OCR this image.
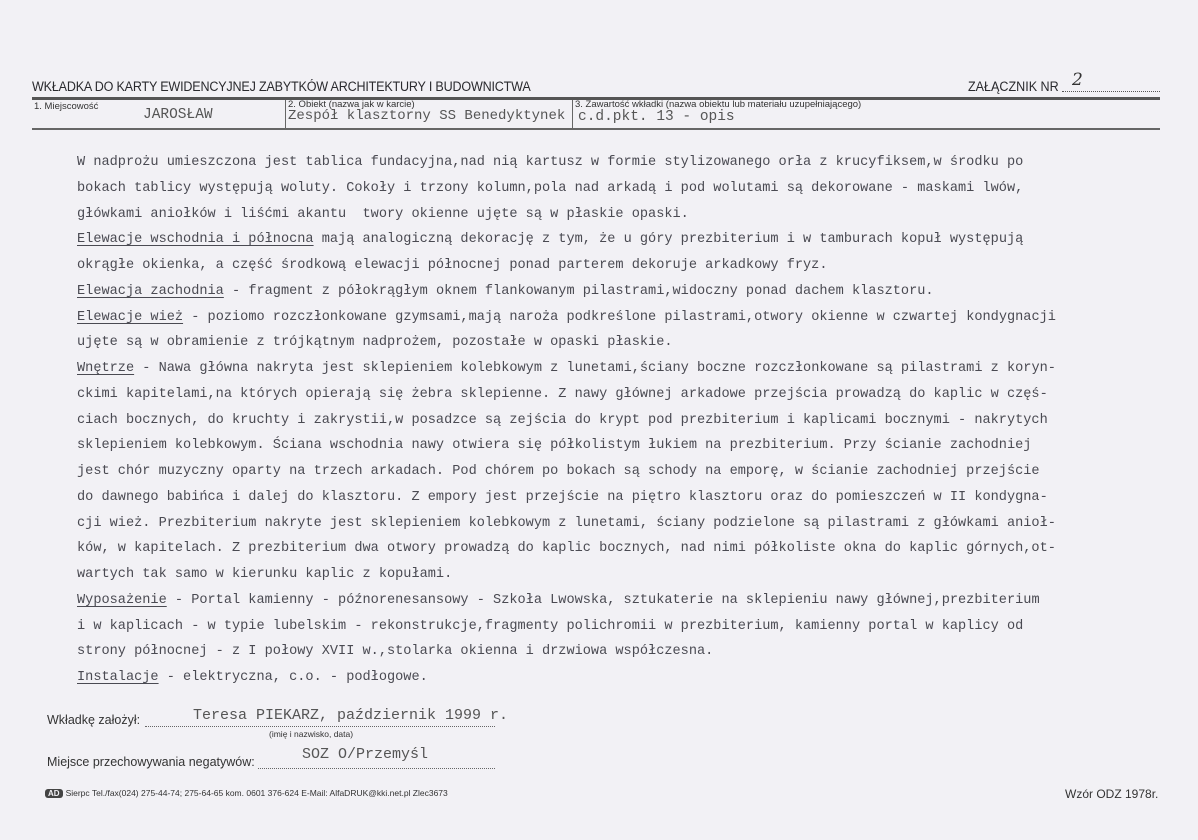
WKŁADKA DO KARTY EWIDENCYJNEJ ZABYTKÓW ARCHITEKTURY I BUDOWNICTWA	ZAŁĄCZNIK NR 2
1. Miejscowość
JAROSŁAW
2. Obiekt (nazwa jak w karcie)
Zespół klasztorny SS Benedyktynek
3. Zawartość wkładki (nazwa obiektu lub materiału uzupełniającego)
c.d.pkt. 13 - opis
W nadprożu umieszczona jest tablica fundacyjna,nad nią kartusz w formie stylizowanego orła z krucyfiksem,w środku po
bokach tablicy występują woluty. Cokoły i trzony kolumn,pola nad arkadą i pod wolutami są dekorowane - maskami lwów,
główkami aniołków i liśćmi akantu  twory okienne ujęte są w płaskie opaski.
Elewacje wschodnia i północna mają analogiczną dekorację z tym, że u góry prezbiterium i w tamburach kopuł występują
okrągłe okienka, a część środkową elewacji północnej ponad parterem dekoruje arkadkowy fryz.
Elewacja zachodnia - fragment z półokrągłym oknem flankowanym pilastrami,widoczny ponad dachem klasztoru.
Elewacje wież - poziomo rozczłonkowane gzymsami,mają naroża podkreślone pilastrami,otwory okienne w czwartej kondygnacji
ujęte są w obramienie z trójkątnym nadprożem, pozostałe w opaski płaskie.
Wnętrze - Nawa główna nakryta jest sklepieniem kolebkowym z lunetami,ściany boczne rozczłonkowane są pilastrami z koryn-
ckimi kapitelami,na których opierają się żebra sklepienne. Z nawy głównej arkadowe przejścia prowadzą do kaplic w częś-
ciach bocznych, do kruchty i zakrystii,w posadzce są zejścia do krypt pod prezbiterium i kaplicami bocznymi - nakrytych
sklepieniem kolebkowym. Ściana wschodnia nawy otwiera się półkolistym łukiem na prezbiterium. Przy ścianie zachodniej
jest chór muzyczny oparty na trzech arkadach. Pod chórem po bokach są schody na emporę, w ścianie zachodniej przejście
do dawnego babińca i dalej do klasztoru. Z empory jest przejście na piętro klasztoru oraz do pomieszczeń w II kondygna-
cji wież. Prezbiterium nakryte jest sklepieniem kolebkowym z lunetami, ściany podzielone są pilastrami z główkami anioł-
ków, w kapitelach. Z prezbiterium dwa otwory prowadzą do kaplic bocznych, nad nimi półkoliste okna do kaplic górnych,ot-
wartych tak samo w kierunku kaplic z kopułami.
Wyposażenie - Portal kamienny - późnorenesansowy - Szkoła Lwowska, sztukaterie na sklepieniu nawy głównej,prezbiterium
i w kaplicach - w typie lubelskim - rekonstrukcje,fragmenty polichromii w prezbiterium, kamienny portal w kaplicy od
strony północnej - z I połowy XVII w.,stolarka okienna i drzwiowa współczesna.
Instalacje - elektryczna, c.o. - podłogowe.
Wkładkę założył:	Teresa PIEKARZ, październik 1999 r.
(imię i nazwisko, data)
Miejsce przechowywania negatywów:	SOZ O/Przemyśl
AD Sierpc Tel./fax(024) 275-44-74; 275-64-65 kom. 0601 376-624 E-Mail: AlfaDRUK@kki.net.pl Zlec3673	Wzór ODZ 1978r.
